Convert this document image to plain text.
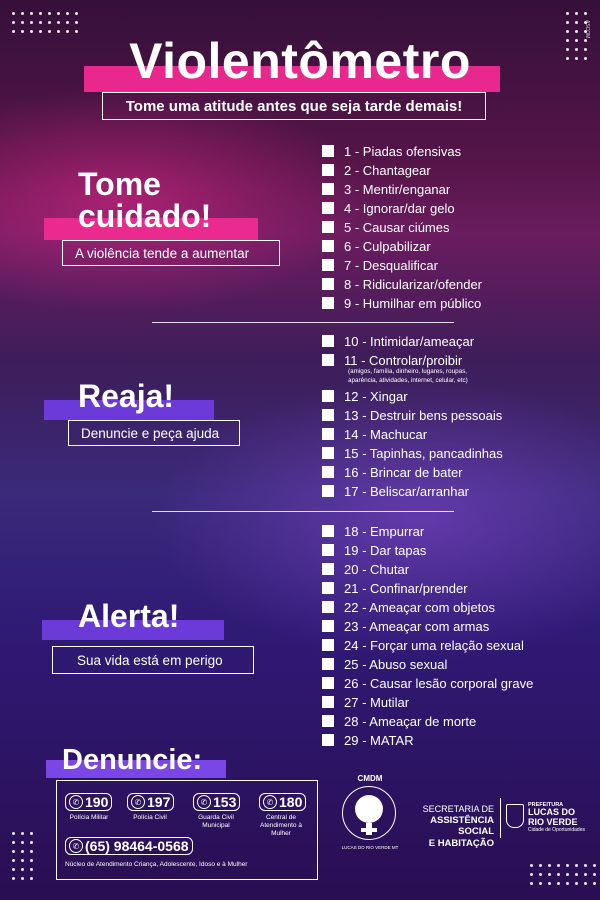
ASCOM
Violentômetro
Tome uma atitude antes que seja tarde demais!
Tome
cuidado!
A violência tende a aumentar
Reaja!
Denuncie e peça ajuda
Alerta!
Sua vida está em perigo
1 - Piadas ofensivas
2 - Chantagear
3 - Mentir/enganar
4 - Ignorar/dar gelo
5 - Causar ciúmes
6 - Culpabilizar
7 - Desqualificar
8 - Ridicularizar/ofender
9 - Humilhar em público
10 - Intimidar/ameaçar
11 - Controlar/proibir
(amigos, família, dinheiro, lugares, roupas,
aparência, atividades, internet, celular, etc)
12 - Xingar
13 - Destruir bens pessoais
14 - Machucar
15 - Tapinhas, pancadinhas
16 - Brincar de bater
17 - Beliscar/arranhar
18 - Empurrar
19 - Dar tapas
20 - Chutar
21 - Confinar/prender
22 - Ameaçar com objetos
23 - Ameaçar com armas
24 - Forçar uma relação sexual
25 - Abuso sexual
26 - Causar lesão corporal grave
27 - Mutilar
28 - Ameaçar de morte
29 - MATAR
Denuncie:
✆ 190
Polícia Militar
✆ 197
Polícia Civil
✆ 153
Guarda Civil Municipal
✆ 180
Central de Atendimento à Mulher
✆ (65) 98464-0568
Núcleo de Atendimento Criança, Adolescente, Idoso e à Mulher
CMDM
LUCAS DO RIO VERDE MT
SECRETARIA DE
ASSISTÊNCIA SOCIAL
E HABITAÇÃO
PREFEITURA
LUCAS DO
RIO VERDE
Cidade de Oportunidades
